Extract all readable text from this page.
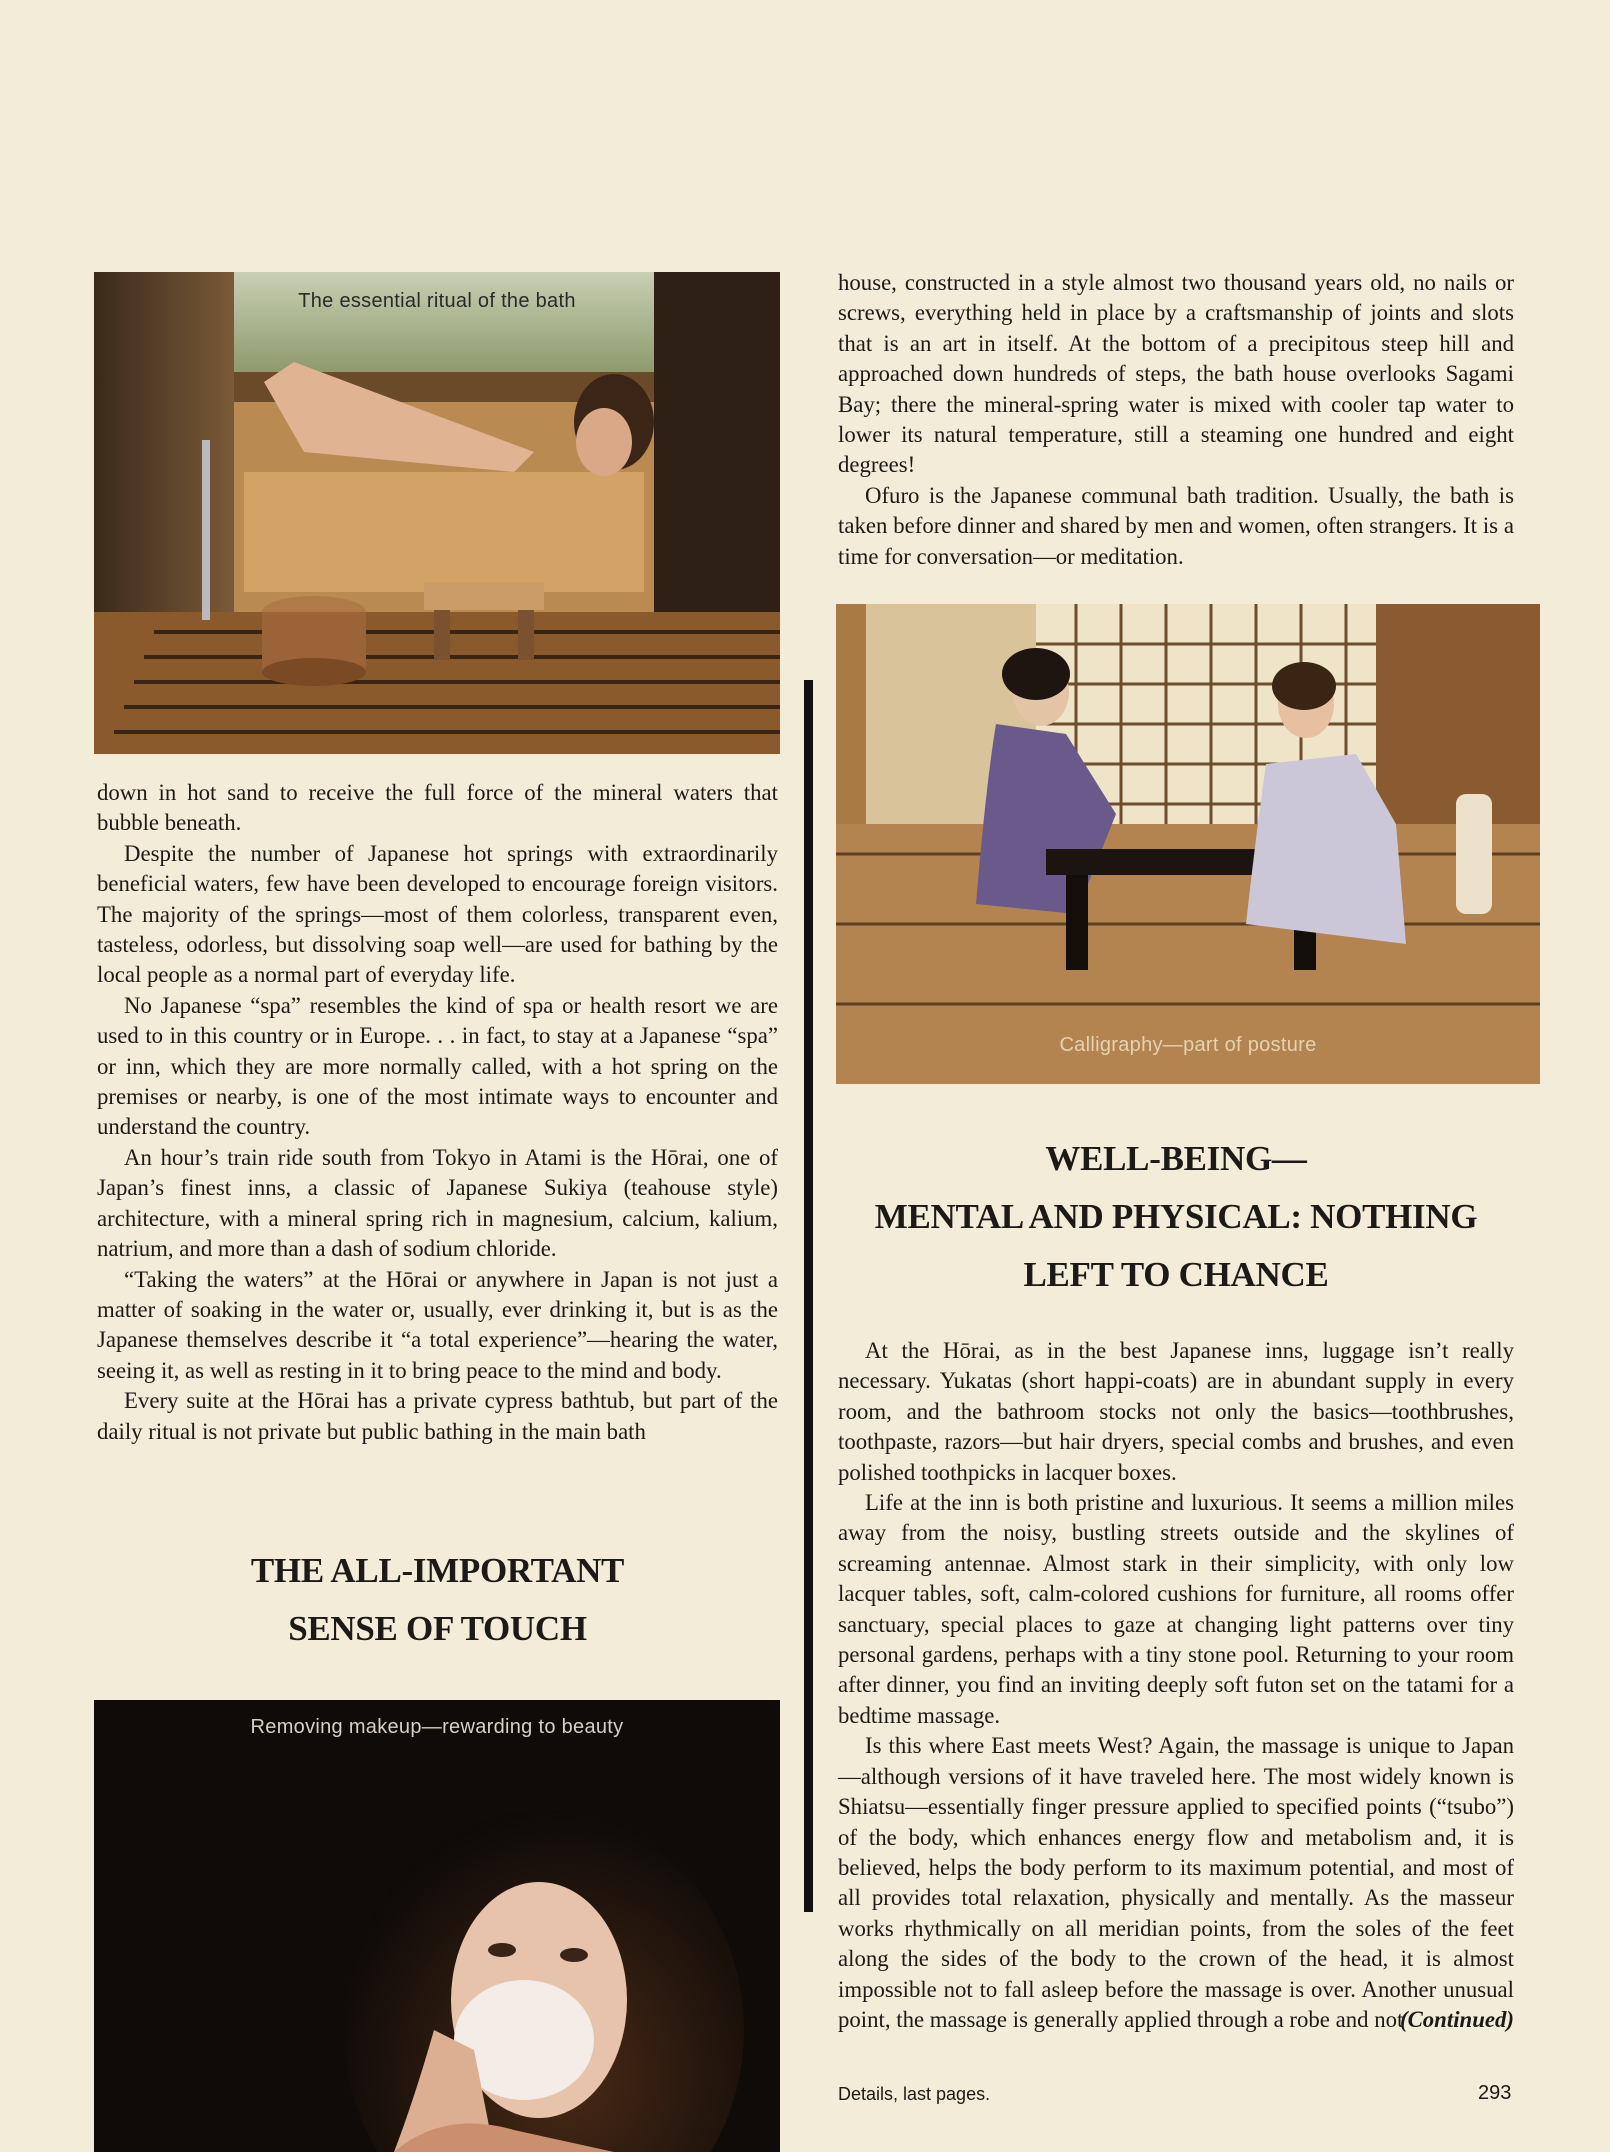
The essential ritual of the bath

down in hot sand to receive the full force of the mineral waters that bubble beneath.

Despite the number of Japanese hot springs with extraordinarily beneficial waters, few have been developed to encourage foreign visitors. The majority of the springs—most of them colorless, transparent even, tasteless, odorless, but dissolving soap well—are used for bathing by the local people as a normal part of everyday life.

No Japanese “spa” resembles the kind of spa or health resort we are used to in this country or in Europe. . . in fact, to stay at a Japanese “spa” or inn, which they are more normally called, with a hot spring on the premises or nearby, is one of the most intimate ways to encounter and understand the country.

An hour’s train ride south from Tokyo in Atami is the Hōrai, one of Japan’s finest inns, a classic of Japanese Sukiya (teahouse style) architecture, with a mineral spring rich in magnesium, calcium, kalium, natrium, and more than a dash of sodium chloride.

“Taking the waters” at the Hōrai or anywhere in Japan is not just a matter of soaking in the water or, usually, ever drinking it, but is as the Japanese themselves describe it “a total experience”—hearing the water, seeing it, as well as resting in it to bring peace to the mind and body.

Every suite at the Hōrai has a private cypress bathtub, but part of the daily ritual is not private but public bathing in the main bath

THE ALL-IMPORTANT
SENSE OF TOUCH
Removing makeup—rewarding to beauty

house, constructed in a style almost two thousand years old, no nails or screws, everything held in place by a craftsmanship of joints and slots that is an art in itself. At the bottom of a precipitous steep hill and approached down hundreds of steps, the bath house overlooks Sagami Bay; there the mineral-spring water is mixed with cooler tap water to lower its natural temperature, still a steaming one hundred and eight degrees!

Ofuro is the Japanese communal bath tradition. Usually, the bath is taken before dinner and shared by men and women, often strangers. It is a time for conversation—or meditation.

Calligraphy—part of posture
WELL-BEING—
MENTAL AND PHYSICAL: NOTHING
LEFT TO CHANCE

At the Hōrai, as in the best Japanese inns, luggage isn’t really necessary. Yukatas (short happi-coats) are in abundant supply in every room, and the bathroom stocks not only the basics—toothbrushes, toothpaste, razors—but hair dryers, special combs and brushes, and even polished toothpicks in lacquer boxes.

Life at the inn is both pristine and luxurious. It seems a million miles away from the noisy, bustling streets outside and the skylines of screaming antennae. Almost stark in their simplicity, with only low lacquer tables, soft, calm-colored cushions for furniture, all rooms offer sanctuary, special places to gaze at changing light patterns over tiny personal gardens, perhaps with a tiny stone pool. Returning to your room after dinner, you find an inviting deeply soft futon set on the tatami for a bedtime massage.

Is this where East meets West? Again, the massage is unique to Japan—although versions of it have traveled here. The most widely known is Shiatsu—essentially finger pressure applied to specified points (“tsubo”) of the body, which enhances energy flow and metabolism and, it is believed, helps the body perform to its maximum potential, and most of all provides total relaxation, physically and mentally. As the masseur works rhythmically on all meridian points, from the soles of the feet along the sides of the body to the crown of the head, it is almost impossible not to fall asleep before the massage is over. Another unusual point, the massage is generally applied through a robe and not

(Continued)
Details, last pages.	293
